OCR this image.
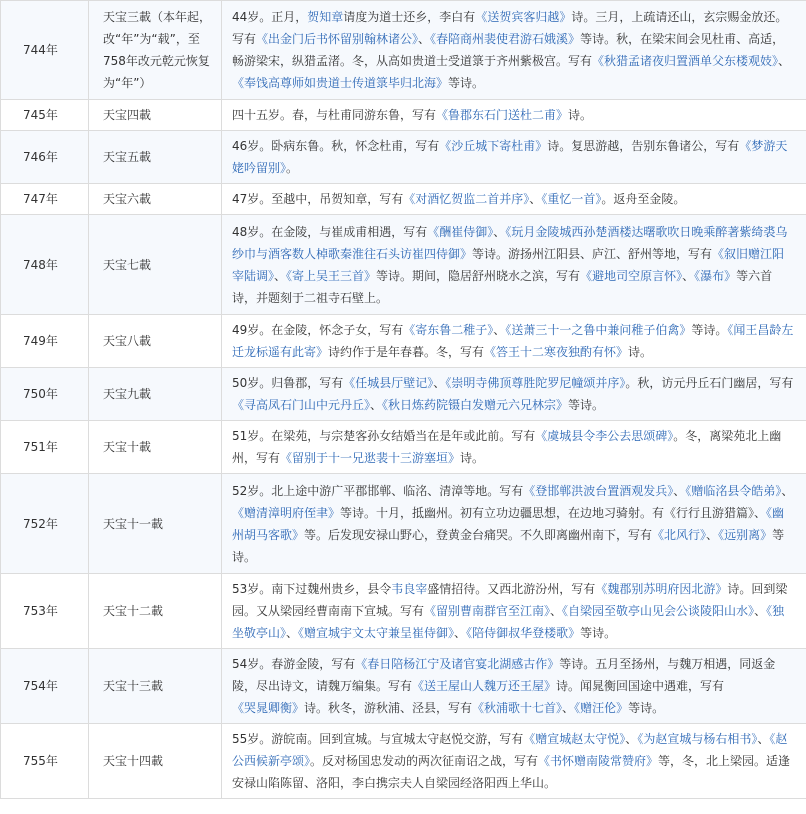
744年	天宝三載（本年起，改“年”为“载”，至758年改元乾元恢复为“年”）	44岁。正月，贺知章请度为道士还乡，李白有《送贺宾客归越》诗。三月，上疏请还山，玄宗赐金放还。写有《出金门后书怀留别翰林诸公》、《春陪商州裴使君游石娥溪》等诗。秋，在梁宋间会见杜甫、高适，畅游梁宋，纵猎孟渚。冬，从高如贵道士受道箓于齐州紫极宫。写有《秋猎孟诸夜归置酒单父东楼观妓》、《奉饯高尊师如贵道士传道箓毕归北海》等诗。
745年	天宝四載	四十五岁。春，与杜甫同游东鲁，写有《鲁郡东石门送杜二甫》诗。
746年	天宝五載	46岁。卧病东鲁。秋，怀念杜甫，写有《沙丘城下寄杜甫》诗。复思游越，告别东鲁诸公，写有《梦游天姥吟留别》。
747年	天宝六載	47岁。至越中，吊贺知章，写有《对酒忆贺监二首并序》、《重忆一首》。返舟至金陵。
748年	天宝七載	48岁。在金陵，与崔成甫相遇，写有《酬崔侍御》、《玩月金陵城西孙楚酒楼达曙歌吹日晚乘醉著紫绮裘乌纱巾与酒客数人棹歌秦淮往石头访崔四侍御》等诗。游扬州江阳县、庐江、舒州等地，写有《叙旧赠江阳宰陆调》、《寄上吴王三首》等诗。期间，隐居舒州晓水之滨，写有《避地司空原言怀》、《瀑布》等六首诗，并题刻于二祖寺石壁上。
749年	天宝八載	49岁。在金陵，怀念子女，写有《寄东鲁二稚子》、《送萧三十一之鲁中兼问稚子伯禽》等诗。《闻王昌龄左迁龙标遥有此寄》诗约作于是年春暮。冬，写有《答王十二寒夜独酌有怀》诗。
750年	天宝九載	50岁。归鲁郡，写有《任城县厅壁记》、《崇明寺佛顶尊胜陀罗尼幢颂并序》。秋，访元丹丘石门幽居，写有《寻高凤石门山中元丹丘》、《秋日炼药院镊白发赠元六兄林宗》等诗。
751年	天宝十載	51岁。在梁苑，与宗楚客孙女结婚当在是年或此前。写有《虞城县令李公去思颂碑》。冬，离梁苑北上幽州，写有《留别于十一兄逖裴十三游塞垣》诗。
752年	天宝十一載	52岁。北上途中游广平郡邯郸、临洺、清漳等地。写有《登邯郸洪波台置酒观发兵》、《赠临洺县令皓弟》、《赠清漳明府侄聿》等诗。十月，抵幽州。初有立功边疆思想，在边地习骑射。有《行行且游猎篇》、《幽州胡马客歌》等。后发现安禄山野心，登黄金台痛哭。不久即离幽州南下，写有《北风行》、《远别离》等诗。
753年	天宝十二載	53岁。南下过魏州贵乡，县令韦良宰盛情招待。又西北游汾州，写有《魏郡别苏明府因北游》诗。回到梁园。又从梁园经曹南南下宣城。写有《留别曹南群官至江南》、《自梁园至敬亭山见会公谈陵阳山水》、《独坐敬亭山》、《赠宣城宇文太守兼呈崔侍御》、《陪侍御叔华登楼歌》等诗。
754年	天宝十三載	54岁。春游金陵，写有《春日陪杨江宁及诸官宴北湖感古作》等诗。五月至扬州，与魏万相遇，同返金陵，尽出诗文，请魏万编集。写有《送王屋山人魏万还王屋》诗。闻晁衡回国途中遇难，写有《哭晁卿衡》诗。秋冬，游秋浦、泾县，写有《秋浦歌十七首》、《赠汪伦》等诗。
755年	天宝十四載	55岁。游皖南。回到宣城。与宣城太守赵悦交游，写有《赠宣城赵太守悦》、《为赵宣城与杨右相书》、《赵公西候新亭颂》。反对杨国忠发动的两次征南诏之战，写有《书怀赠南陵常赞府》等，冬，北上梁园。适逢安禄山陷陈留、洛阳，李白携宗夫人自梁园经洛阳西上华山。
